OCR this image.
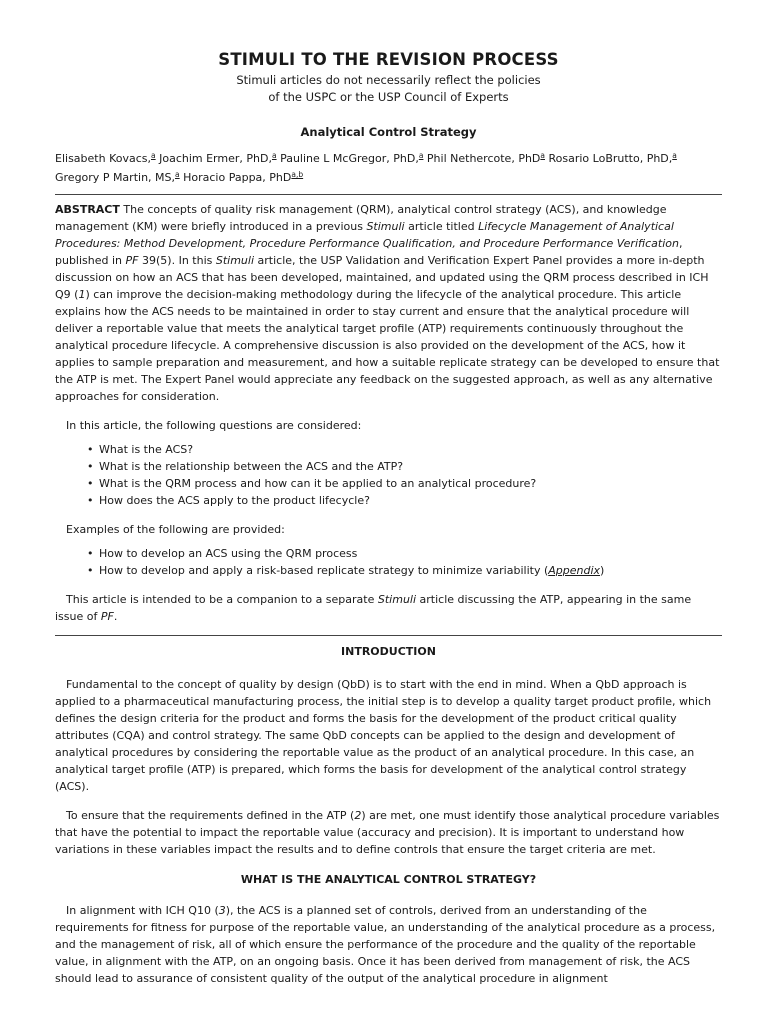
STIMULI TO THE REVISION PROCESS

Stimuli articles do not necessarily reflect the policies

of the USPC or the USP Council of Experts

Analytical Control Strategy
Elisabeth Kovacs,$^a$ Joachim Ermer, PhD,$^a$ Pauline L McGregor, PhD,$^a$ Phil Nethercote, PhD$^a$ Rosario LoBrutto, PhD,$^a$
Gregory P Martin, MS,$^a$ Horacio Pappa, PhD$^{a,b}$

ABSTRACT The concepts of quality risk management (QRM), analytical control strategy (ACS), and knowledge management (KM) were briefly introduced in a previous Stimuli article titled Lifecycle Management of Analytical Procedures: Method Development, Procedure Performance Qualification, and Procedure Performance Verification, published in PF 39(5). In this Stimuli article, the USP Validation and Verification Expert Panel provides a more in-depth discussion on how an ACS that has been developed, maintained, and updated using the QRM process described in ICH Q9 (1) can improve the decision-making methodology during the lifecycle of the analytical procedure. This article explains how the ACS needs to be maintained in order to stay current and ensure that the analytical procedure will deliver a reportable value that meets the analytical target profile (ATP) requirements continuously throughout the analytical procedure lifecycle. A comprehensive discussion is also provided on the development of the ACS, how it applies to sample preparation and measurement, and how a suitable replicate strategy can be developed to ensure that the ATP is met. The Expert Panel would appreciate any feedback on the suggested approach, as well as any alternative approaches for consideration.

In this article, the following questions are considered:

• What is the ACS?
• What is the relationship between the ACS and the ATP?
• What is the QRM process and how can it be applied to an analytical procedure?
• How does the ACS apply to the product lifecycle?

Examples of the following are provided:

• How to develop an ACS using the QRM process
• How to develop and apply a risk-based replicate strategy to minimize variability (Appendix)

This article is intended to be a companion to a separate Stimuli article discussing the ATP, appearing in the same issue of PF.

INTRODUCTION

Fundamental to the concept of quality by design (QbD) is to start with the end in mind. When a QbD approach is applied to a pharmaceutical manufacturing process, the initial step is to develop a quality target product profile, which defines the design criteria for the product and forms the basis for the development of the product critical quality attributes (CQA) and control strategy. The same QbD concepts can be applied to the design and development of analytical procedures by considering the reportable value as the product of an analytical procedure. In this case, an analytical target profile (ATP) is prepared, which forms the basis for development of the analytical control strategy (ACS).

To ensure that the requirements defined in the ATP (2) are met, one must identify those analytical procedure variables that have the potential to impact the reportable value (accuracy and precision). It is important to understand how variations in these variables impact the results and to define controls that ensure the target criteria are met.

WHAT IS THE ANALYTICAL CONTROL STRATEGY?

In alignment with ICH Q10 (3), the ACS is a planned set of controls, derived from an understanding of the requirements for fitness for purpose of the reportable value, an understanding of the analytical procedure as a process, and the management of risk, all of which ensure the performance of the procedure and the quality of the reportable value, in alignment with the ATP, on an ongoing basis. Once it has been derived from management of risk, the ACS should lead to assurance of consistent quality of the output of the analytical procedure in alignment
